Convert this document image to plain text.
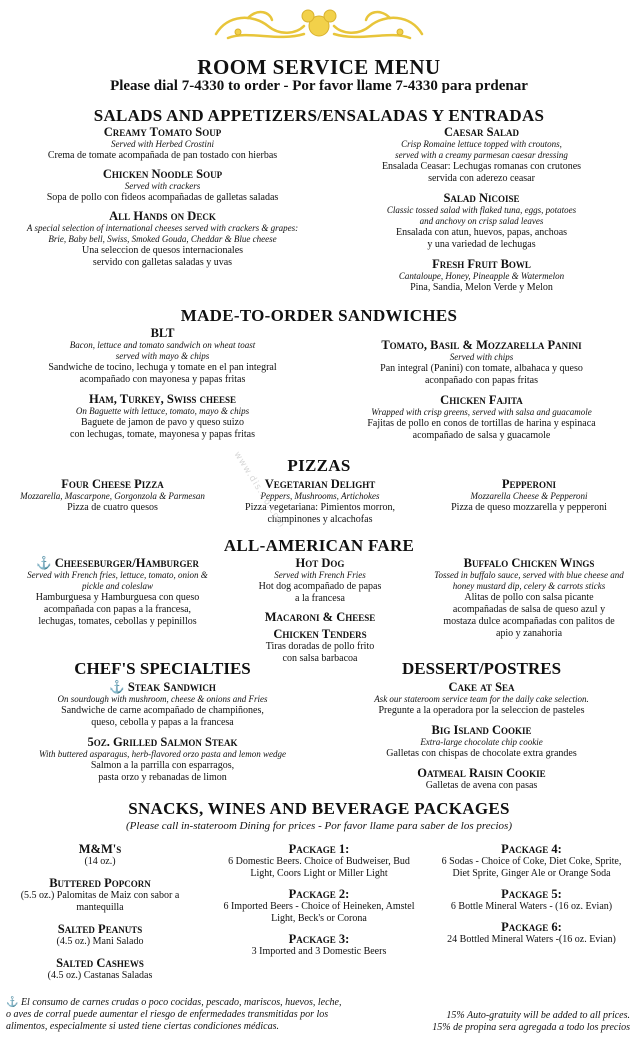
ROOM SERVICE MENU
Please dial 7-4330 to order - Por favor llame 7-4330 para prdenar
SALADS AND APPETIZERS/ENSALADAS Y ENTRADAS
Creamy Tomato Soup
Served with Herbed Crostini
Crema de tomate acompañada de pan tostado con hierbas
Chicken Noodle Soup
Served with crackers
Sopa de pollo con fideos acompañadas de galletas saladas
All Hands on Deck
A special selection of international cheeses served with crackers & grapes:
Brie, Baby bell, Swiss, Smoked Gouda, Cheddar & Blue cheese
Una seleccion de quesos internacionales
servido con galletas saladas y uvas
Caesar Salad
Crisp Romaine lettuce topped with croutons,
served with a creamy parmesan caesar dressing
Ensalada Ceasar: Lechugas romanas con crutones
servida con aderezo ceasar
Salad Nicoise
Classic tossed salad with flaked tuna, eggs, potatoes
and anchovy on crisp salad leaves
Ensalada con atun, huevos, papas, anchoas
y una variedad de lechugas
Fresh Fruit Bowl
Cantaloupe, Honey, Pineapple & Watermelon
Pina, Sandia, Melon Verde y Melon
MADE-TO-ORDER SANDWICHES
BLT
Bacon, lettuce and tomato sandwich on wheat toast
served with mayo & chips
Sandwiche de tocino, lechuga y tomate en el pan integral
acompañado con mayonesa y papas fritas
Ham, Turkey, Swiss cheese
On Baguette with lettuce, tomato, mayo & chips
Baguete de jamon de pavo y queso suizo
con lechugas, tomate, mayonesa y papas fritas
Tomato, Basil & Mozzarella Panini
Served with chips
Pan integral (Panini) con tomate, albahaca y queso
aconpañado con papas fritas
Chicken Fajita
Wrapped with crisp greens, served with salsa and guacamole
Fajitas de pollo en conos de tortillas de harina y espinaca
acompañado de salsa y guacamole
PIZZAS
Four Cheese Pizza
Mozzarella, Mascarpone, Gorgonzola & Parmesan
Pizza de cuatro quesos
Vegetarian Delight
Peppers, Mushrooms, Artichokes
Pizza vegetariana: Pimientos morron,
champinones y alcachofas
Pepperoni
Mozzarella Cheese & Pepperoni
Pizza de queso mozzarella y pepperoni
ALL-AMERICAN FARE
⚓ Cheeseburger/Hamburger
Served with French fries, lettuce, tomato, onion &
pickle and coleslaw
Hamburguesa y Hamburguesa con queso
acompañada con papas a la francesa,
lechugas, tomates, cebollas y pepinillos
Hot Dog
Served with French Fries
Hot dog acompañado de papas
a la francesa
Macaroni & Cheese
Chicken Tenders
Tiras doradas de pollo frito
con salsa barbacoa
Buffalo Chicken Wings
Tossed in buffalo sauce, served with blue cheese and
honey mustard dip, celery & carrots sticks
Alitas de pollo con salsa picante
acompañadas de salsa de queso azul y
mostaza dulce acompañadas con palitos de
apio y zanahoria
CHEF'S SPECIALTIES
⚓ Steak Sandwich
On sourdough with mushroom, cheese & onions and Fries
Sandwiche de carne acompañado de champiñones,
queso, cebolla y papas a la francesa
5oz. Grilled Salmon Steak
With buttered asparagus, herb-flavored orzo pasta and lemon wedge
Salmon a la parrilla con esparragos,
pasta orzo y rebanadas de limon
DESSERT/POSTRES
Cake at Sea
Ask our stateroom service team for the daily cake selection.
Pregunte a la operadora por la seleccion de pasteles
Big Island Cookie
Extra-large chocolate chip cookie
Galletas con chispas de chocolate extra grandes
Oatmeal Raisin Cookie
Galletas de avena con pasas
SNACKS, WINES AND BEVERAGE PACKAGES
(Please call in-stateroom Dining for prices - Por favor llame para saber de los precios)
M&M's
(14 oz.)
Buttered Popcorn
(5.5 oz.) Palomitas de Maiz con sabor a
mantequilla
Salted Peanuts
(4.5 oz.) Mani Salado
Salted Cashews
(4.5 oz.) Castanas Saladas
Package 1:
6 Domestic Beers. Choice of Budweiser, Bud
Light, Coors Light or Miller Light
Package 2:
6 Imported Beers - Choice of Heineken, Amstel
Light, Beck's or Corona
Package 3:
3 Imported and 3 Domestic Beers
Package 4:
6 Sodas - Choice of Coke, Diet Coke, Sprite,
Diet Sprite, Ginger Ale or Orange Soda
Package 5:
6 Bottle Mineral Waters - (16 oz. Evian)
Package 6:
24 Bottled Mineral Waters -(16 oz. Evian)
⚓ El consumo de carnes crudas o poco cocidas, pescado, mariscos, huevos, leche,
o aves de corral puede aumentar el riesgo de enfermedades transmitidas por los
alimentos, especialmente si usted tiene ciertas condiciones médicas.
15% Auto-gratuity will be added to all prices.
15% de propina sera agregada a todo los precios
www.dis...o.com
